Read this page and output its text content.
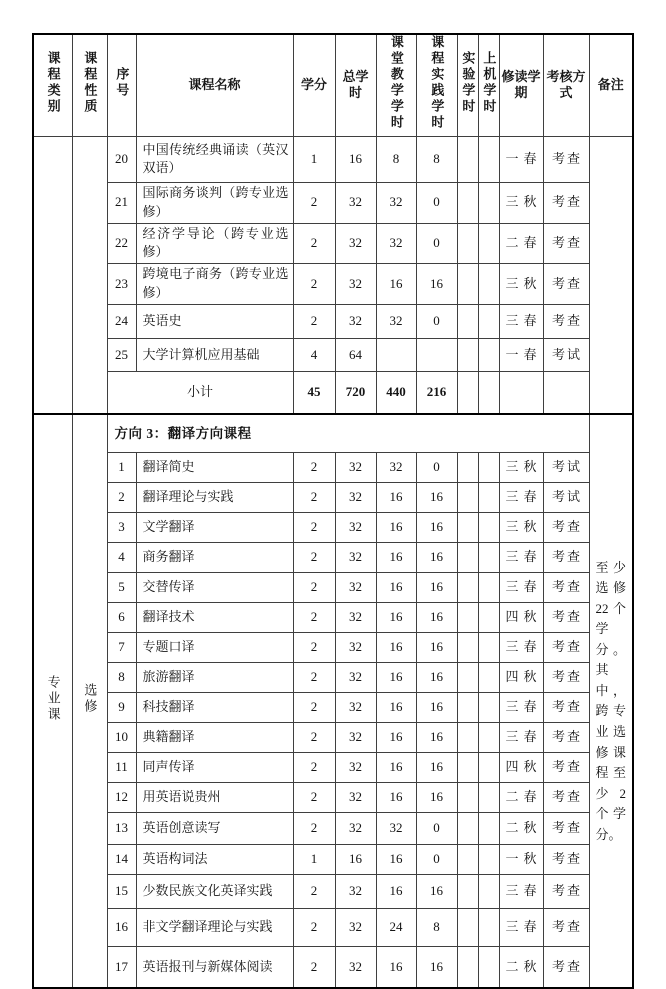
课程类别	课程性质	序号	课程名称	学分	总学时	课堂教学学时	课程实践学时	实验学时	上机学时	修读学期	考核方式	备注
		20	中国传统经典诵读（英汉双语）	1	16	8	8			一春	考查	
		21	国际商务谈判（跨专业选修）	2	32	32	0			三秋	考查	
		22	经济学导论（跨专业选修）	2	32	32	0			二春	考查	
		23	跨境电子商务（跨专业选修）	2	32	16	16			三秋	考查	
		24	英语史	2	32	32	0			三春	考查	
		25	大学计算机应用基础	4	64					一春	考试	
		小计		45	720	440	216					
专业课	选修	方向 3：翻译方向课程										至少选修22个学分。其中，跨专业选修课程至少2个学分。

		1	翻译简史	2	32	32	0			三秋	考试	
		2	翻译理论与实践	2	32	16	16			三春	考试	
		3	文学翻译	2	32	16	16			三秋	考查	
		4	商务翻译	2	32	16	16			三春	考查	
		5	交替传译	2	32	16	16			三春	考查	
		6	翻译技术	2	32	16	16			四秋	考查	
		7	专题口译	2	32	16	16			三春	考查	
		8	旅游翻译	2	32	16	16			四秋	考查	
		9	科技翻译	2	32	16	16			三春	考查	
		10	典籍翻译	2	32	16	16			三春	考查	
		11	同声传译	2	32	16	16			四秋	考查	
		12	用英语说贵州	2	32	16	16			二春	考查	
		13	英语创意读写	2	32	32	0			二秋	考查	
		14	英语构词法	1	16	16	0			一秋	考查	
		15	少数民族文化英译实践	2	32	16	16			三春	考查	
		16	非文学翻译理论与实践	2	32	24	8			三春	考查	
		17	英语报刊与新媒体阅读	2	32	16	16			二秋	考查	
